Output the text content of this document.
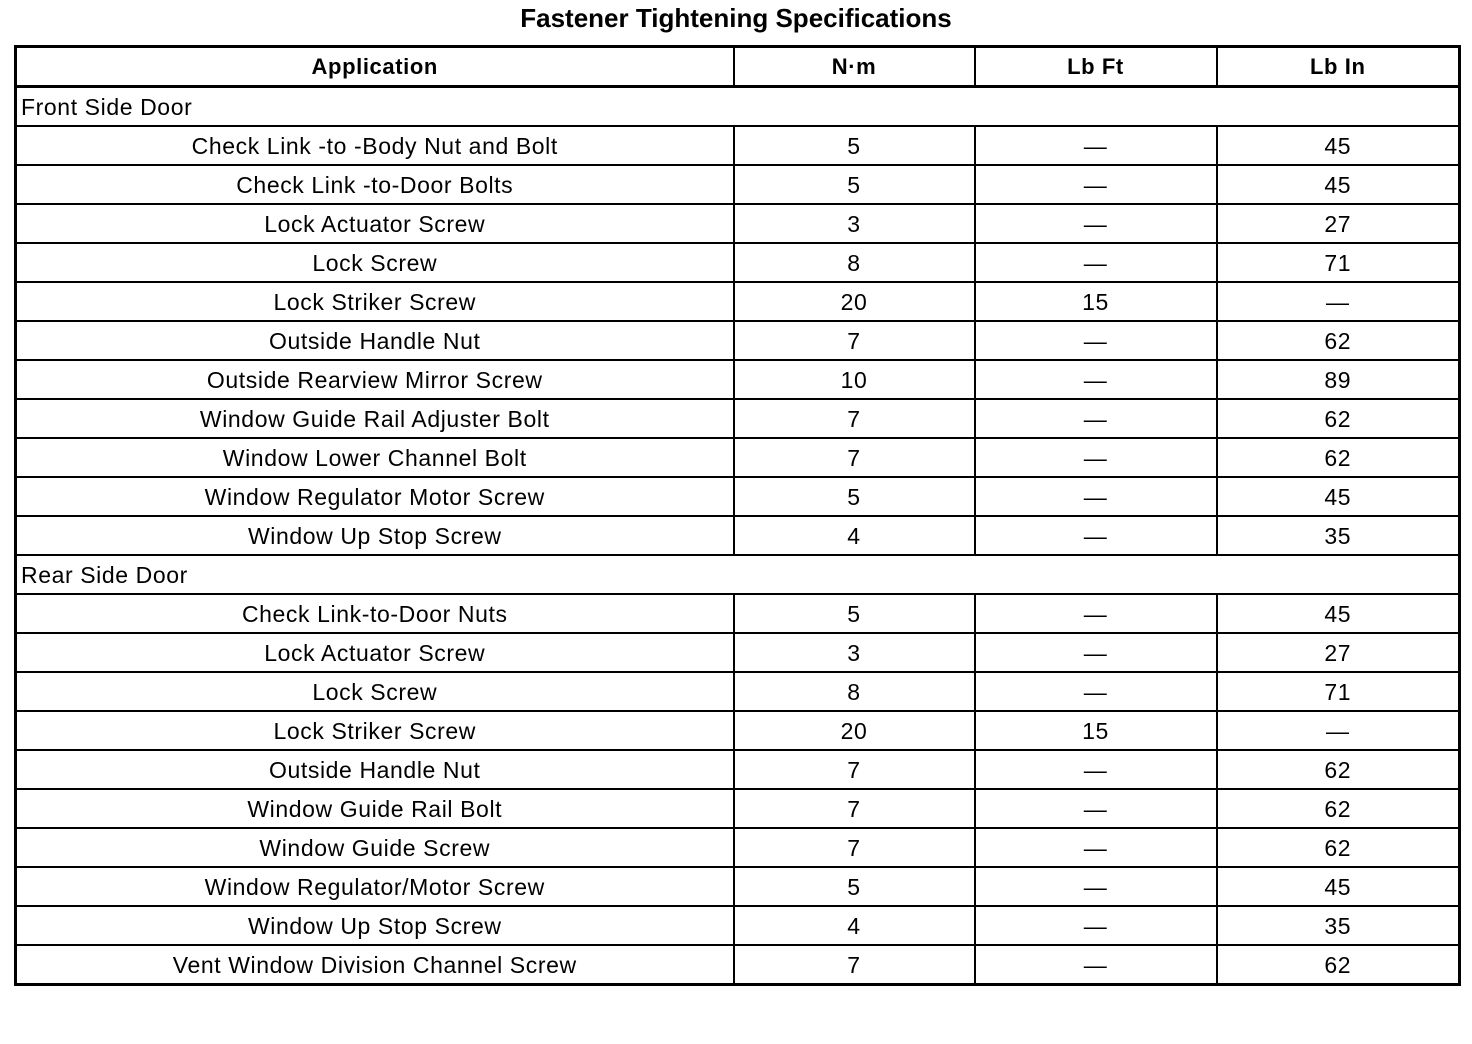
Fastener Tightening Specifications
Application	N·m	Lb Ft	Lb In
Front Side Door			
Check Link -to -Body Nut and Bolt	5	—	45
Check Link -to-Door Bolts	5	—	45
Lock Actuator Screw	3	—	27
Lock Screw	8	—	71
Lock Striker Screw	20	15	—
Outside Handle Nut	7	—	62
Outside Rearview Mirror Screw	10	—	89
Window Guide Rail Adjuster Bolt	7	—	62
Window Lower Channel Bolt	7	—	62
Window Regulator Motor Screw	5	—	45
Window Up Stop Screw	4	—	35
Rear Side Door			
Check Link-to-Door Nuts	5	—	45
Lock Actuator Screw	3	—	27
Lock Screw	8	—	71
Lock Striker Screw	20	15	—
Outside Handle Nut	7	—	62
Window Guide Rail Bolt	7	—	62
Window Guide Screw	7	—	62
Window Regulator/Motor Screw	5	—	45
Window Up Stop Screw	4	—	35
Vent Window Division Channel Screw	7	—	62
